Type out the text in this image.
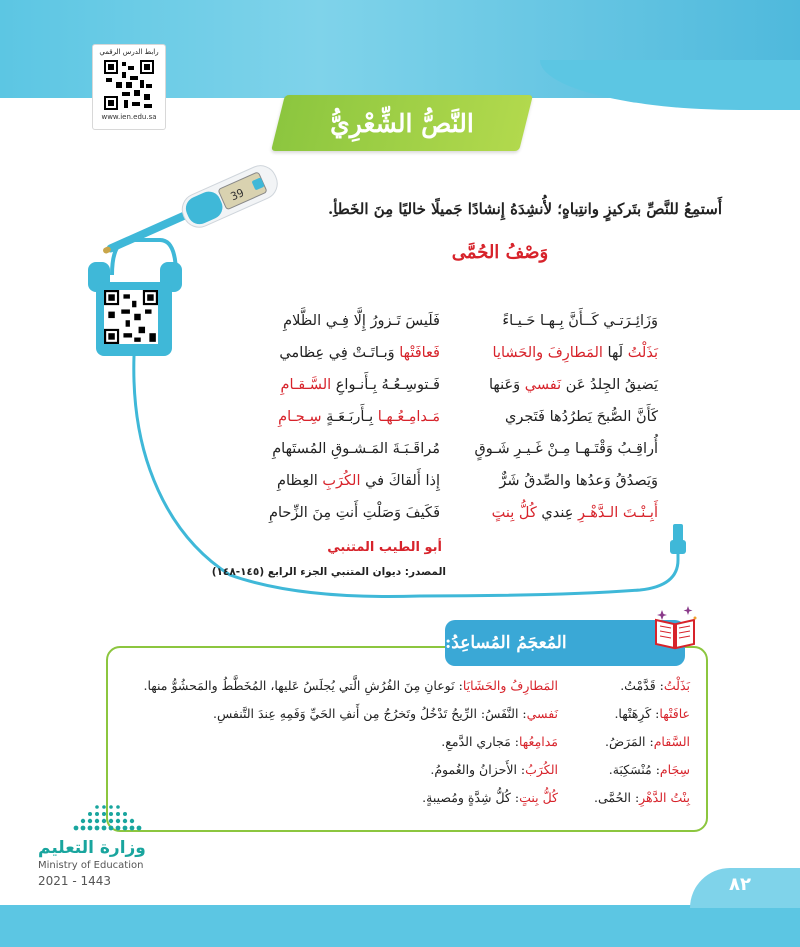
رابط الدرس الرقمي
www.ien.edu.sa	النَّصُّ الشِّعْرِيُّ
39
أَستمِعُ للنَّصِّ بتَركيزٍ وانتِباهٍ؛ لأُنشِدَهُ إِنشادًا جَميلًا خاليًا مِنَ الخَطأِ.
وَصْفُ الحُمَّى
وَزَائِـرَتـي كَــأَنَّ بِـهـا حَـيـاءً
بَذَلْتُ لَها المَطارِفَ والحَشايا
يَضيقُ الجِلدُ عَن نَفسي وَعَنها
كَأَنَّ الصُّبحَ يَطرُدُها فَتَجري
أُراقِـبُ وَقْتَـهـا مِـنْ غَـيـرِ شَـوقٍ
وَيَصدُقُ وَعدُها والصِّدقُ شَرٌّ
أَبِـنْـتَ الـدَّهْـرِ عِندي كُلُّ بِنتٍ
فَلَيسَ تَـزورُ إِلَّا فِـي الظَّلامِ
فَعافَتْها وَبـاتَـتْ فِي عِظامي
فَـتوسِـعُـهُ بِـأَنـواعِ السَّـقـامِ
مَـدامِـعُـهـا بِـأَربَـعَـةٍ سِـجـامِ
مُراقَـبَـةَ المَـشـوقِ المُستَهامِ
إِذا أَلقاكَ في الكُرَبِ العِظامِ
فَكَيفَ وَصَلْتِ أَنتِ مِنَ الزِّحامِ
أبو الطيب المتنبي
المصدر: ديوان المتنبي الجزء الرابع (١٤٥-١٤٨)
المُعجَمُ المُساعِدُ:
بَذَلْتُ: قَدَّمْتُ.
عافَتْها: كَرِهَتْها.
السَّقام: المَرَضُ.
سِجَام: مُنْسَكِبَة.
بِنْتُ الدَّهْرِ: الحُمَّى.
المَطارِفُ والحَشَايَا: نَوعانِ مِنَ الفُرُشِ الَّتي يُجلَسُ عَليها، المُخَطَّطُ والمَحشُوُّ منها.
نَفسي: النَّفَسُ: الرِّيحُ تَدْخُلُ وتَخرُجُ مِن أَنفِ الحَيِّ وَفَمِهِ عِندَ التَّنفسِ.
مَدامِعُها: مَجاري الدَّمعِ.
الكُرَبُ: الأَحزانُ والغُمومُ.
كُلُّ بِنتٍ: كُلُّ شِدَّةٍ ومُصيبةٍ.
وزارة التعليم
Ministry of Education
2021 - 1443	٨٢
